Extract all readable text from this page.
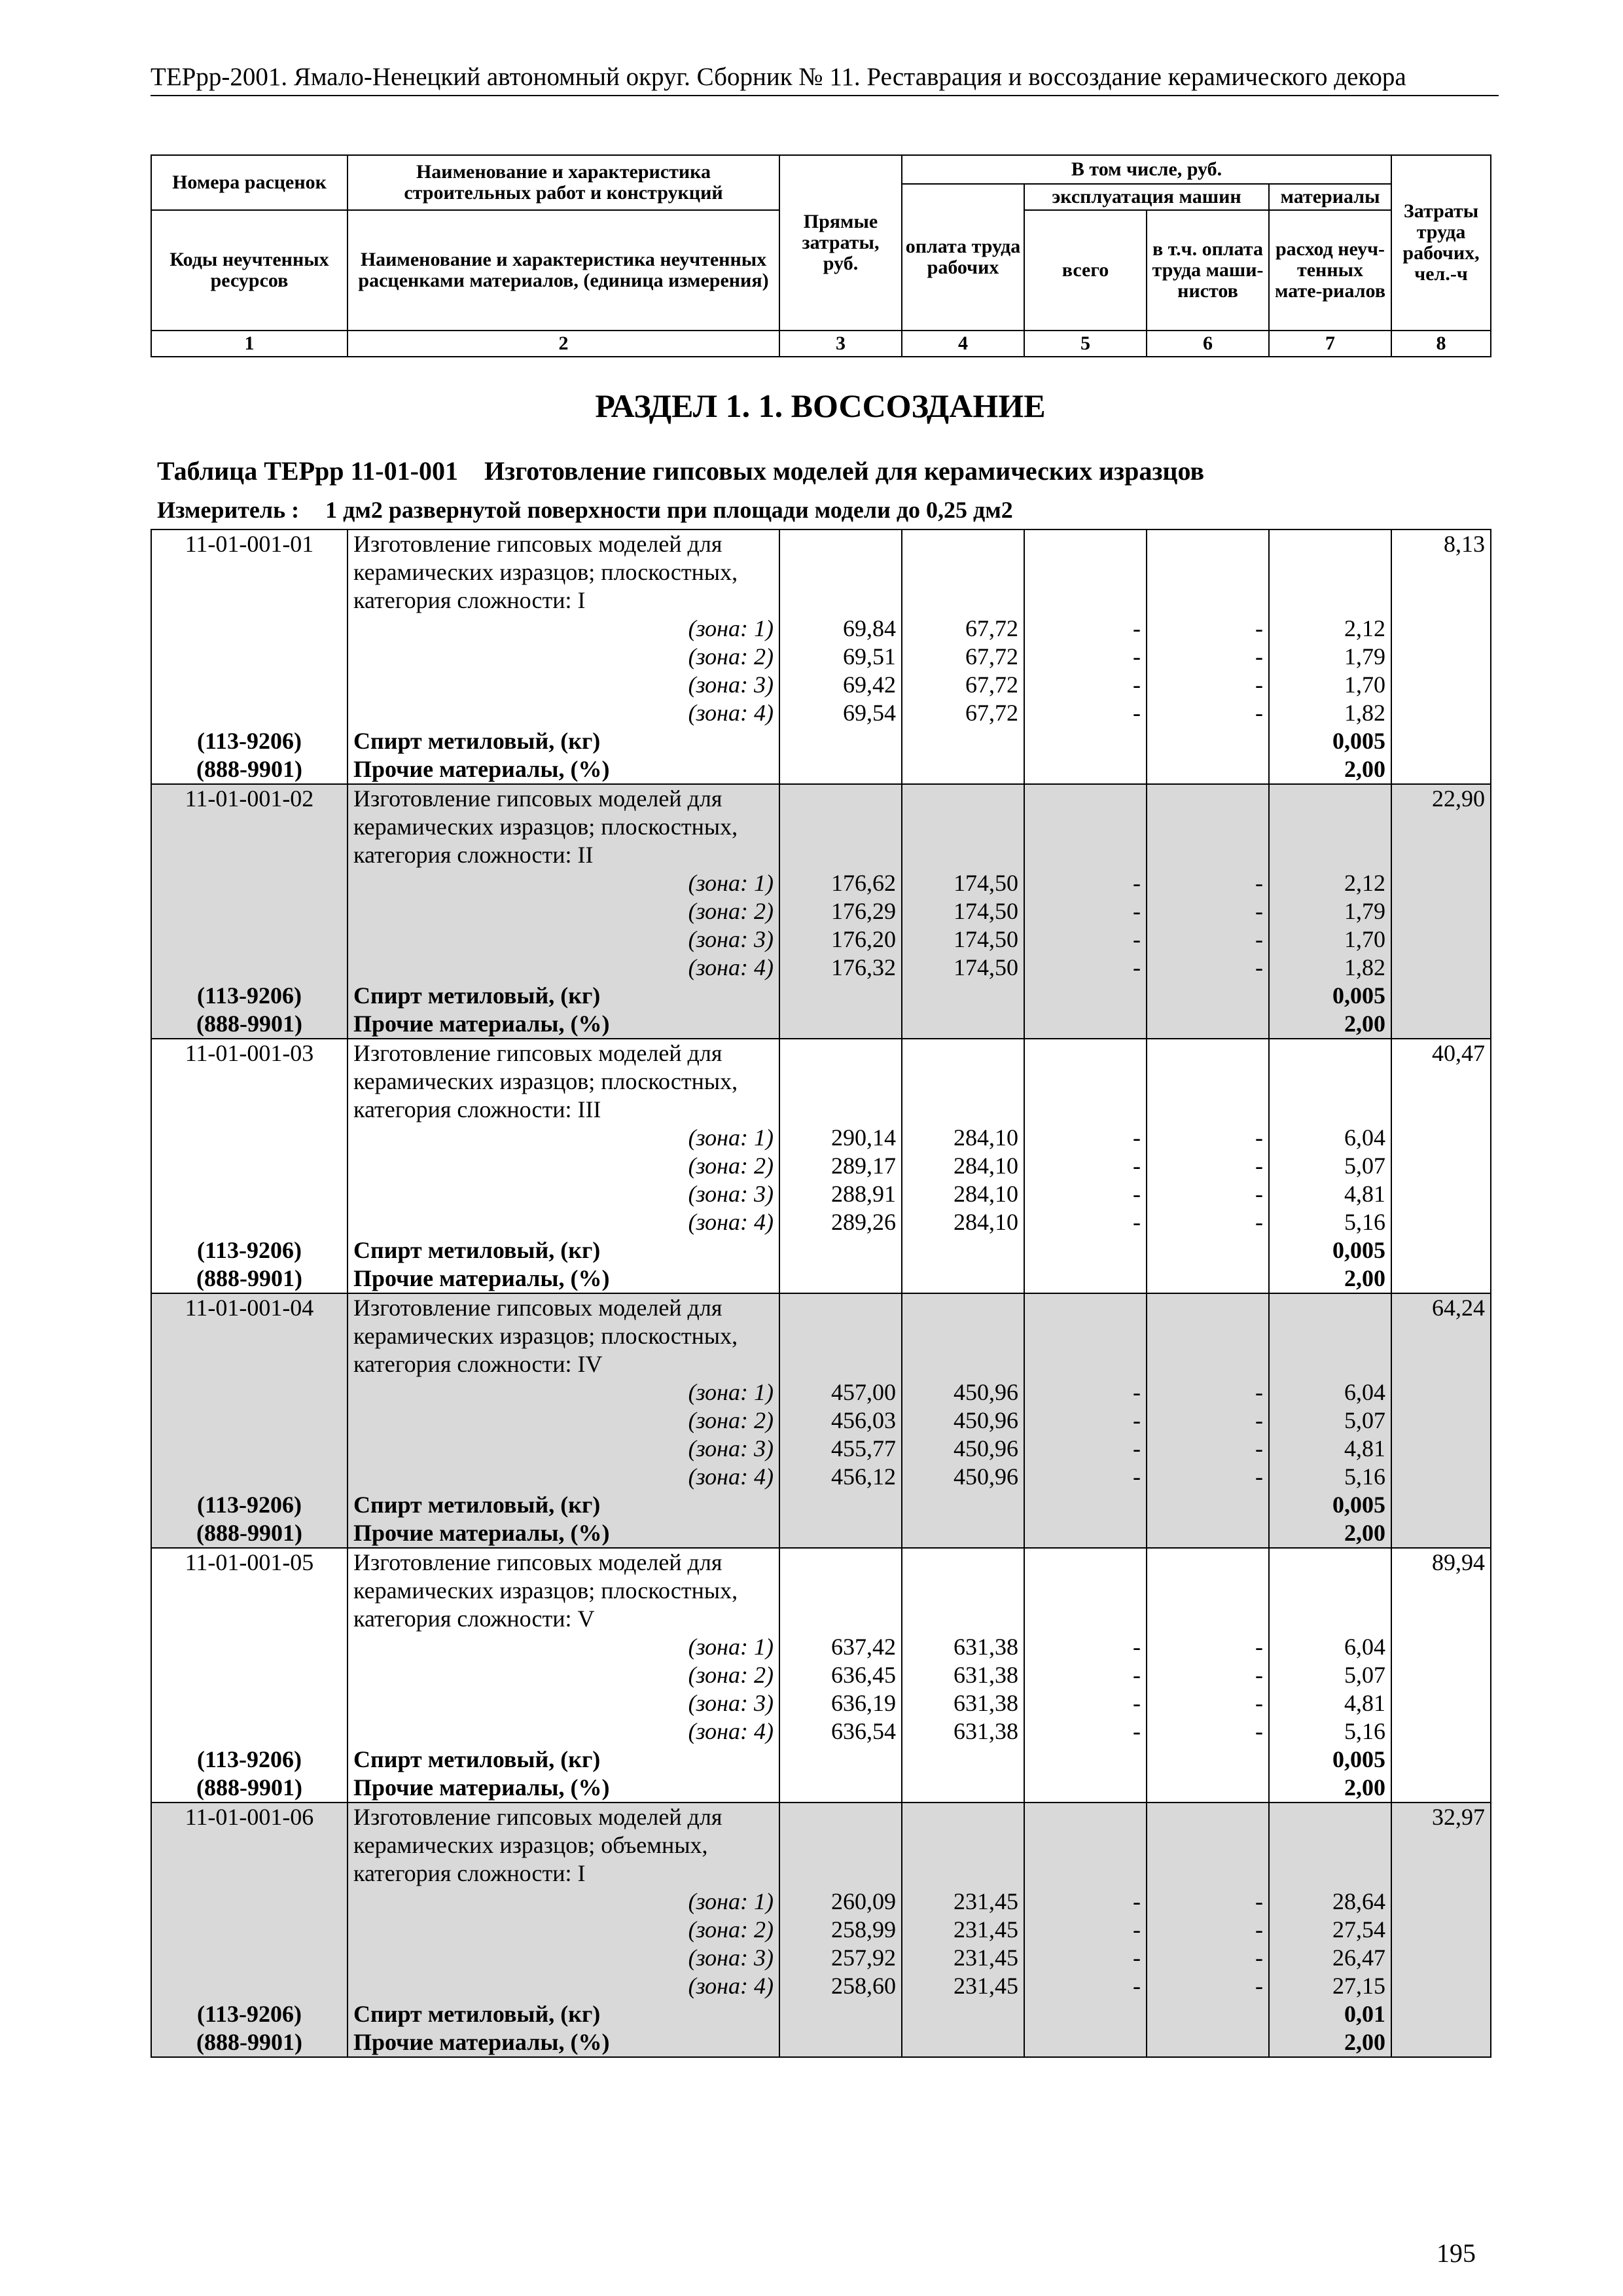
ТЕРрр-2001. Ямало-Ненецкий автономный округ. Сборник № 11. Реставрация и воссоздание керамического декора
Номера расценок	Наименование и характеристика строительных работ и конструкций	Прямые затраты, руб.	В том числе, руб.				Затраты труда рабочих, чел.-ч
			оплата труда рабочих	эксплуатация машин		материалы	
Коды неучтенных ресурсов	Наименование и характеристика неучтенных расценками материалов, (единица измерения)			всего	в т.ч. оплата труда маши-нистов	расход неуч-тенных мате-риалов	

1	2	3	4	5	6	7	8
РАЗДЕЛ 1. 1. ВОССОЗДАНИЕ
Таблица ТЕРрр 11-01-001 Изготовление гипсовых моделей для керамических изразцов
Измеритель : 1 дм2 развернутой поверхности при площади модели до 0,25 дм2
11-01-001-01	Изготовление гипсовых моделей для						8,13
	керамических изразцов; плоскостных,						
	категория сложности: I						
	(зона: 1)	69,84	67,72	-	-	2,12	
	(зона: 2)	69,51	67,72	-	-	1,79	
	(зона: 3)	69,42	67,72	-	-	1,70	
	(зона: 4)	69,54	67,72	-	-	1,82	
(113-9206)	Спирт метиловый, (кг)					0,005	
(888-9901)	Прочие материалы, (%)					2,00	
11-01-001-02	Изготовление гипсовых моделей для						22,90
	керамических изразцов; плоскостных,						
	категория сложности: II						
	(зона: 1)	176,62	174,50	-	-	2,12	
	(зона: 2)	176,29	174,50	-	-	1,79	
	(зона: 3)	176,20	174,50	-	-	1,70	
	(зона: 4)	176,32	174,50	-	-	1,82	
(113-9206)	Спирт метиловый, (кг)					0,005	
(888-9901)	Прочие материалы, (%)					2,00	
11-01-001-03	Изготовление гипсовых моделей для						40,47
	керамических изразцов; плоскостных,						
	категория сложности: III						
	(зона: 1)	290,14	284,10	-	-	6,04	
	(зона: 2)	289,17	284,10	-	-	5,07	
	(зона: 3)	288,91	284,10	-	-	4,81	
	(зона: 4)	289,26	284,10	-	-	5,16	
(113-9206)	Спирт метиловый, (кг)					0,005	
(888-9901)	Прочие материалы, (%)					2,00	
11-01-001-04	Изготовление гипсовых моделей для						64,24
	керамических изразцов; плоскостных,						
	категория сложности: IV						
	(зона: 1)	457,00	450,96	-	-	6,04	
	(зона: 2)	456,03	450,96	-	-	5,07	
	(зона: 3)	455,77	450,96	-	-	4,81	
	(зона: 4)	456,12	450,96	-	-	5,16	
(113-9206)	Спирт метиловый, (кг)					0,005	
(888-9901)	Прочие материалы, (%)					2,00	
11-01-001-05	Изготовление гипсовых моделей для						89,94
	керамических изразцов; плоскостных,						
	категория сложности: V						
	(зона: 1)	637,42	631,38	-	-	6,04	
	(зона: 2)	636,45	631,38	-	-	5,07	
	(зона: 3)	636,19	631,38	-	-	4,81	
	(зона: 4)	636,54	631,38	-	-	5,16	
(113-9206)	Спирт метиловый, (кг)					0,005	
(888-9901)	Прочие материалы, (%)					2,00	
11-01-001-06	Изготовление гипсовых моделей для						32,97
	керамических изразцов; объемных,						
	категория сложности: I						
	(зона: 1)	260,09	231,45	-	-	28,64	
	(зона: 2)	258,99	231,45	-	-	27,54	
	(зона: 3)	257,92	231,45	-	-	26,47	
	(зона: 4)	258,60	231,45	-	-	27,15	
(113-9206)	Спирт метиловый, (кг)					0,01	
(888-9901)	Прочие материалы, (%)					2,00	
195
